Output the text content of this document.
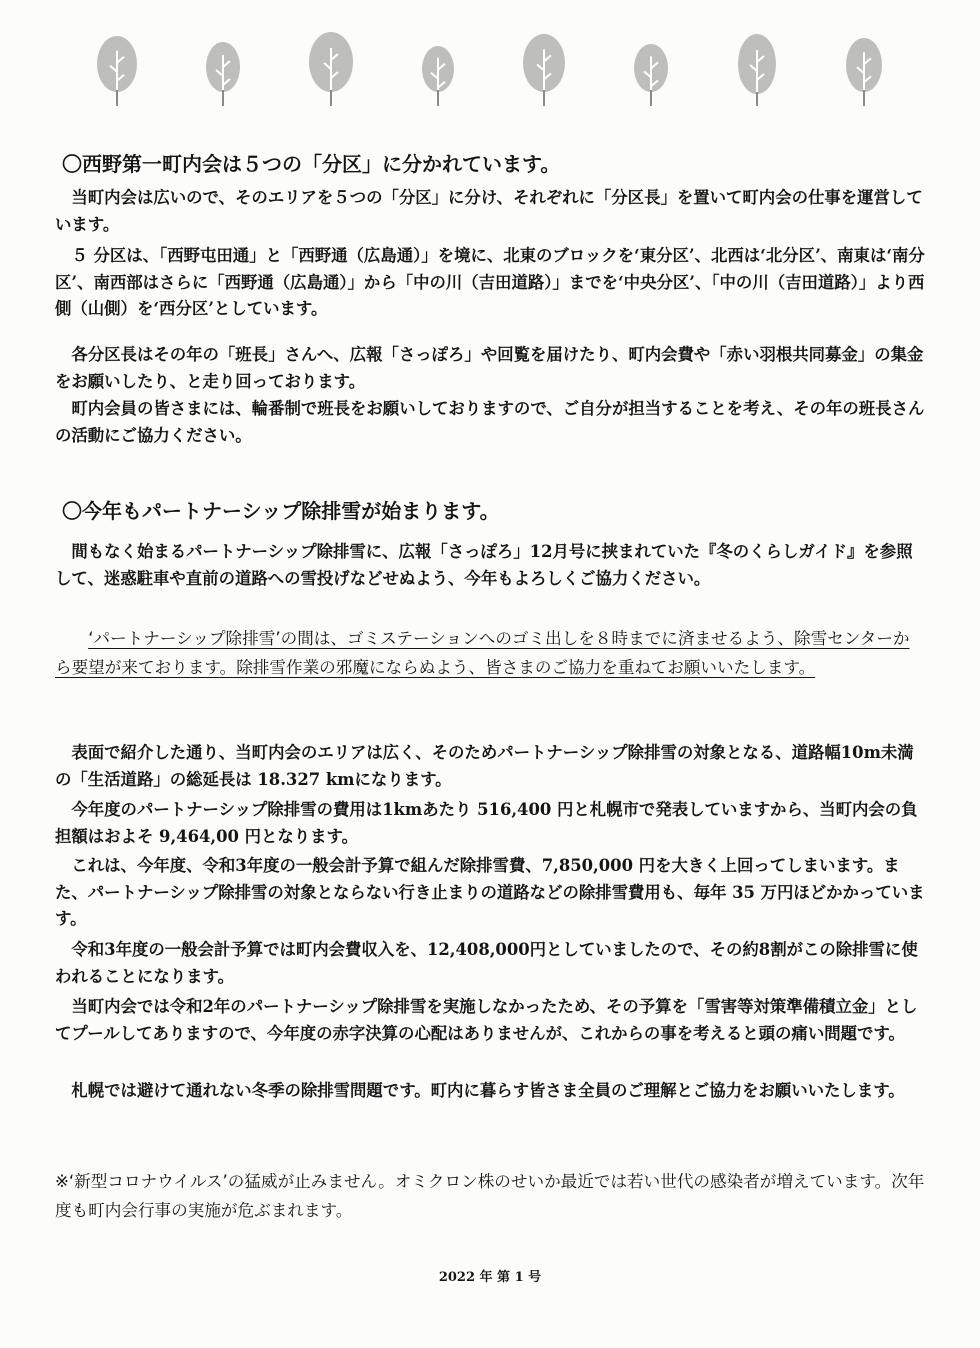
〇西野第一町内会は５つの「分区」に分かれています。

当町内会は広いので、そのエリアを５つの「分区」に分け、それぞれに「分区長」を置いて町内会の仕事を運営しています。

５ 分区は、「西野屯田通」と「西野通（広島通）」を境に、北東のブロックを‘東分区’、北西は‘北分区’、南東は‘南分区’、南西部はさらに「西野通（広島通）」から「中の川（吉田道路）」までを‘中央分区’、「中の川（吉田道路）」より西側（山側）を‘西分区’としています。

各分区長はその年の「班長」さんへ、広報「さっぽろ」や回覧を届けたり、町内会費や「赤い羽根共同募金」の集金をお願いしたり、と走り回っております。

町内会員の皆さまには、輪番制で班長をお願いしておりますので、ご自分が担当することを考え、その年の班長さんの活動にご協力ください。

〇今年もパートナーシップ除排雪が始まります。

間もなく始まるパートナーシップ除排雪に、広報「さっぽろ」12月号に挟まれていた『冬のくらしガイド』を参照して、迷惑駐車や直前の道路への雪投げなどせぬよう、今年もよろしくご協力ください。

‘パートナーシップ除排雪’の間は、ゴミステーションへのゴミ出しを８時までに済ませるよう、除雪センターから要望が来ております。除排雪作業の邪魔にならぬよう、皆さまのご協力を重ねてお願いいたします。

表面で紹介した通り、当町内会のエリアは広く、そのためパートナーシップ除排雪の対象となる、道路幅10m未満の「生活道路」の総延長は 18.327 kmになります。

今年度のパートナーシップ除排雪の費用は1kmあたり 516,400 円と札幌市で発表していますから、当町内会の負担額はおよそ 9,464,00 円となります。

これは、今年度、令和3年度の一般会計予算で組んだ除排雪費、7,850,000 円を大きく上回ってしまいます。また、パートナーシップ除排雪の対象とならない行き止まりの道路などの除排雪費用も、毎年 35 万円ほどかかっています。

令和3年度の一般会計予算では町内会費収入を、12,408,000円としていましたので、その約8割がこの除排雪に使われることになります。

当町内会では令和2年のパートナーシップ除排雪を実施しなかったため、その予算を「雪害等対策準備積立金」としてプールしてありますので、今年度の赤字決算の心配はありませんが、これからの事を考えると頭の痛い問題です。

札幌では避けて通れない冬季の除排雪問題です。町内に暮らす皆さま全員のご理解とご協力をお願いいたします。

※‘新型コロナウイルス’の猛威が止みません。オミクロン株のせいか最近では若い世代の感染者が増えています。次年度も町内会行事の実施が危ぶまれます。

2022 年 第 1 号
